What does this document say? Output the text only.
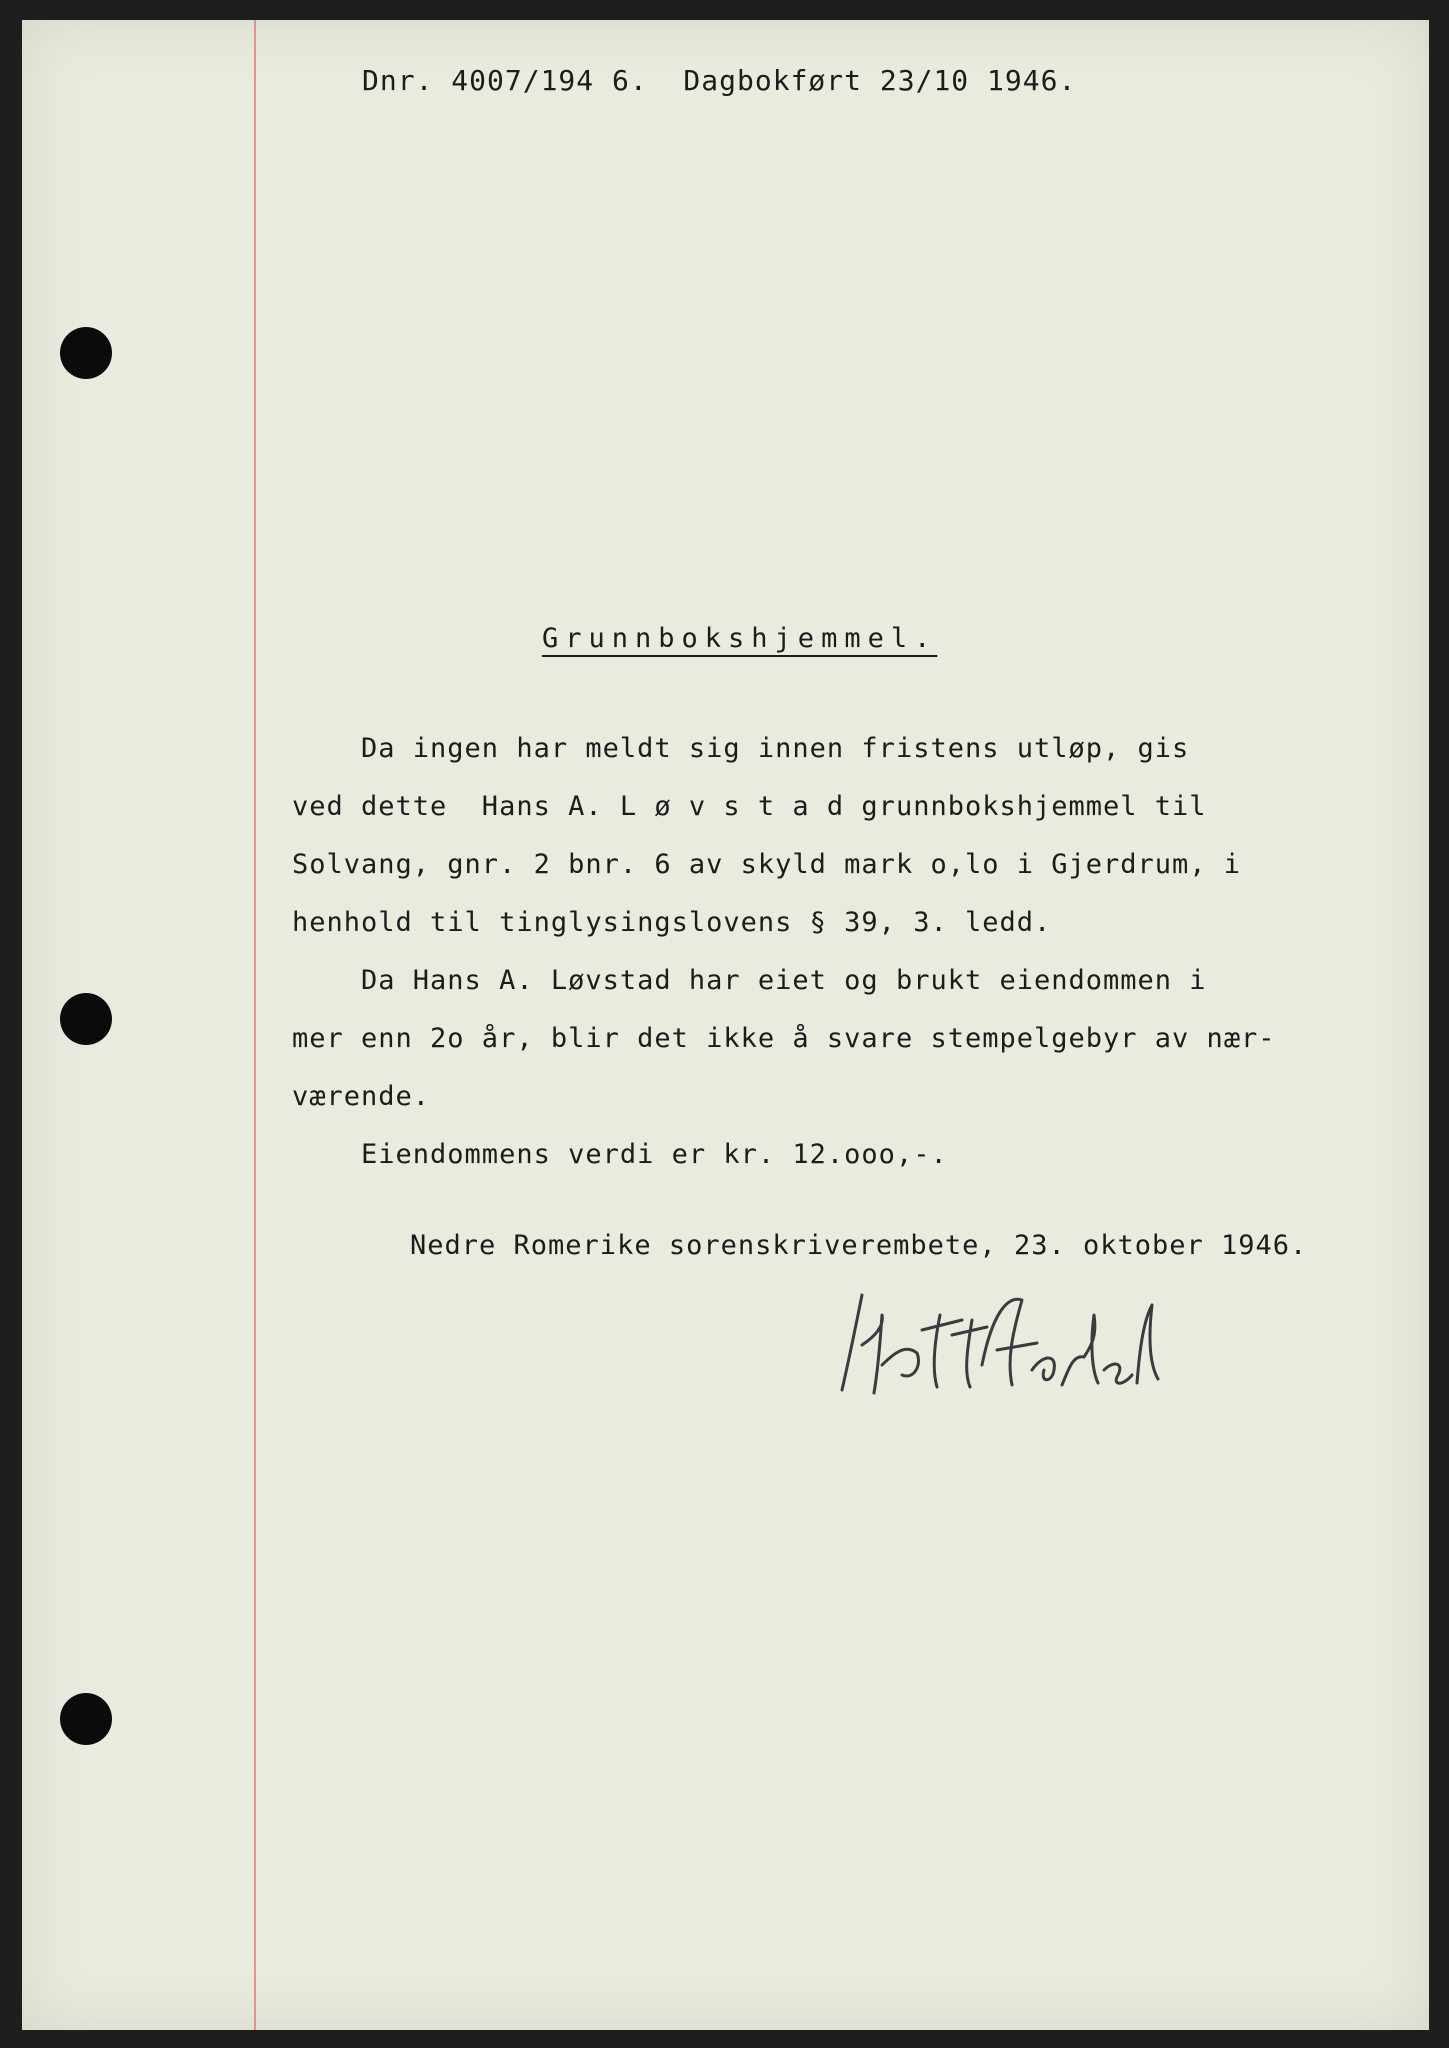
Dnr. 4007/194 6.  Dagbokført 23/10 1946.
Grunnbokshjemmel.
Da ingen har meldt sig innen fristens utløp, gis
ved dette  Hans A. L ø v s t a d grunnbokshjemmel til
Solvang, gnr. 2 bnr. 6 av skyld mark o,lo i Gjerdrum, i
henhold til tinglysingslovens § 39, 3. ledd.
Da Hans A. Løvstad har eiet og brukt eiendommen i
mer enn 2o år, blir det ikke å svare stempelgebyr av nær-
værende.
Eiendommens verdi er kr. 12.ooo,-.
Nedre Romerike sorenskriverembete, 23. oktober 1946.
